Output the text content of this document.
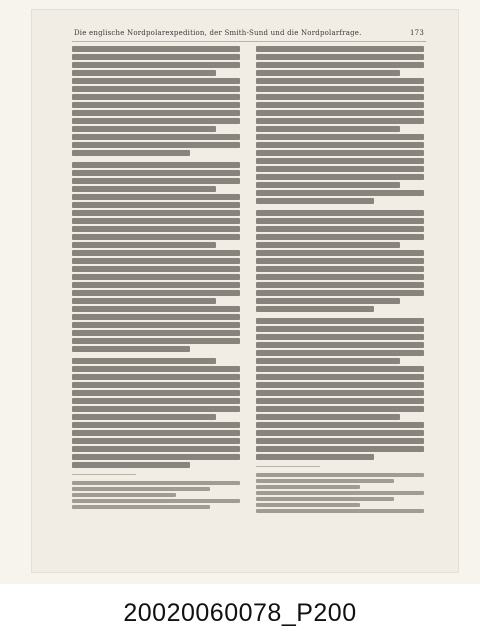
Die englische Nordpolarexpedition, der Smith-Sund und die Nordpolarfrage.	173
20020060078_P200
